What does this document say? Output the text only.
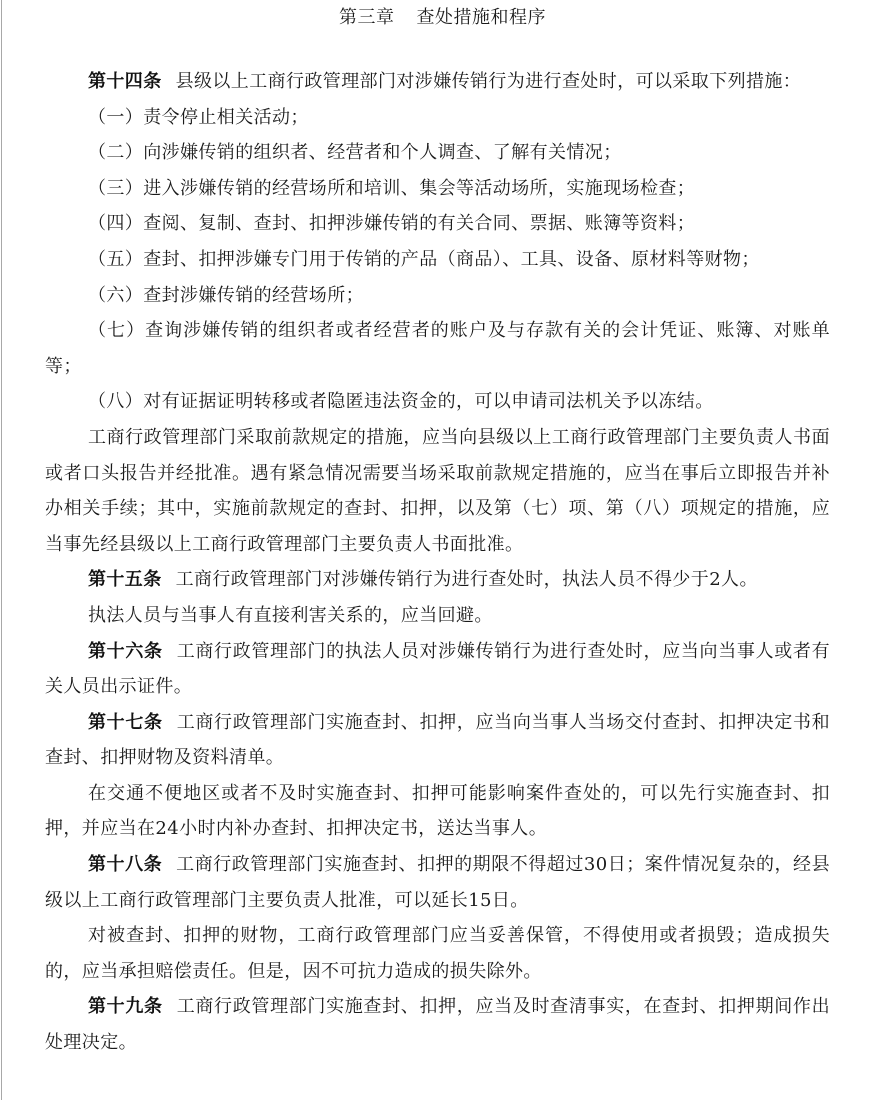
第三章 查处措施和程序

第十四条 县级以上工商行政管理部门对涉嫌传销行为进行查处时，可以采取下列措施：

（一）责令停止相关活动；

（二）向涉嫌传销的组织者、经营者和个人调查、了解有关情况；

（三）进入涉嫌传销的经营场所和培训、集会等活动场所，实施现场检查；

（四）查阅、复制、查封、扣押涉嫌传销的有关合同、票据、账簿等资料；

（五）查封、扣押涉嫌专门用于传销的产品（商品）、工具、设备、原材料等财物；

（六）查封涉嫌传销的经营场所；

（七）查询涉嫌传销的组织者或者经营者的账户及与存款有关的会计凭证、账簿、对账单等；

（八）对有证据证明转移或者隐匿违法资金的，可以申请司法机关予以冻结。

工商行政管理部门采取前款规定的措施，应当向县级以上工商行政管理部门主要负责人书面或者口头报告并经批准。遇有紧急情况需要当场采取前款规定措施的，应当在事后立即报告并补办相关手续；其中，实施前款规定的查封、扣押，以及第（七）项、第（八）项规定的措施，应当事先经县级以上工商行政管理部门主要负责人书面批准。

第十五条 工商行政管理部门对涉嫌传销行为进行查处时，执法人员不得少于2人。

执法人员与当事人有直接利害关系的，应当回避。

第十六条 工商行政管理部门的执法人员对涉嫌传销行为进行查处时，应当向当事人或者有关人员出示证件。

第十七条 工商行政管理部门实施查封、扣押，应当向当事人当场交付查封、扣押决定书和查封、扣押财物及资料清单。

在交通不便地区或者不及时实施查封、扣押可能影响案件查处的，可以先行实施查封、扣押，并应当在24小时内补办查封、扣押决定书，送达当事人。

第十八条 工商行政管理部门实施查封、扣押的期限不得超过30日；案件情况复杂的，经县级以上工商行政管理部门主要负责人批准，可以延长15日。

对被查封、扣押的财物，工商行政管理部门应当妥善保管，不得使用或者损毁；造成损失的，应当承担赔偿责任。但是，因不可抗力造成的损失除外。

第十九条 工商行政管理部门实施查封、扣押，应当及时查清事实，在查封、扣押期间作出处理决定。
